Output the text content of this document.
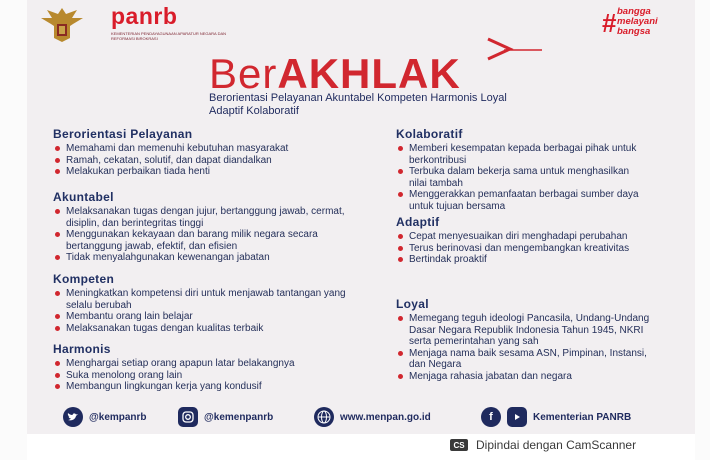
panrb
KEMENTERIAN PENDAYAGUNAAN APARATUR NEGARA DAN REFORMASI BIROKRASI
# bangga
melayani
bangsa
BerAKHLAK
Berorientasi Pelayanan Akuntabel Kompeten Harmonis Loyal Adaptif Kolaboratif
Berorientasi Pelayanan
Memahami dan memenuhi kebutuhan masyarakat
Ramah, cekatan, solutif, dan dapat diandalkan
Melakukan perbaikan tiada henti
Akuntabel
Melaksanakan tugas dengan jujur, bertanggung jawab, cermat, disiplin, dan berintegritas tinggi
Menggunakan kekayaan dan barang milik negara secara bertanggung jawab, efektif, dan efisien
Tidak menyalahgunakan kewenangan jabatan
Kompeten
Meningkatkan kompetensi diri untuk menjawab tantangan yang selalu berubah
Membantu orang lain belajar
Melaksanakan tugas dengan kualitas terbaik
Harmonis
Menghargai setiap orang apapun latar belakangnya
Suka menolong orang lain
Membangun lingkungan kerja yang kondusif
Kolaboratif
Memberi kesempatan kepada berbagai pihak untuk berkontribusi
Terbuka dalam bekerja sama untuk menghasilkan nilai tambah
Menggerakkan pemanfaatan berbagai sumber daya untuk tujuan bersama
Adaptif
Cepat menyesuaikan diri menghadapi perubahan
Terus berinovasi dan mengembangkan kreativitas
Bertindak proaktif
Loyal
Memegang teguh ideologi Pancasila, Undang-Undang Dasar Negara Republik Indonesia Tahun 1945, NKRI serta pemerintahan yang sah
Menjaga nama baik sesama ASN, Pimpinan, Instansi, dan Negara
Menjaga rahasia jabatan dan negara
@kempanrb	@kemenpanrb	www.menpan.go.id	f	Kementerian PANRB
CS Dipindai dengan CamScanner
